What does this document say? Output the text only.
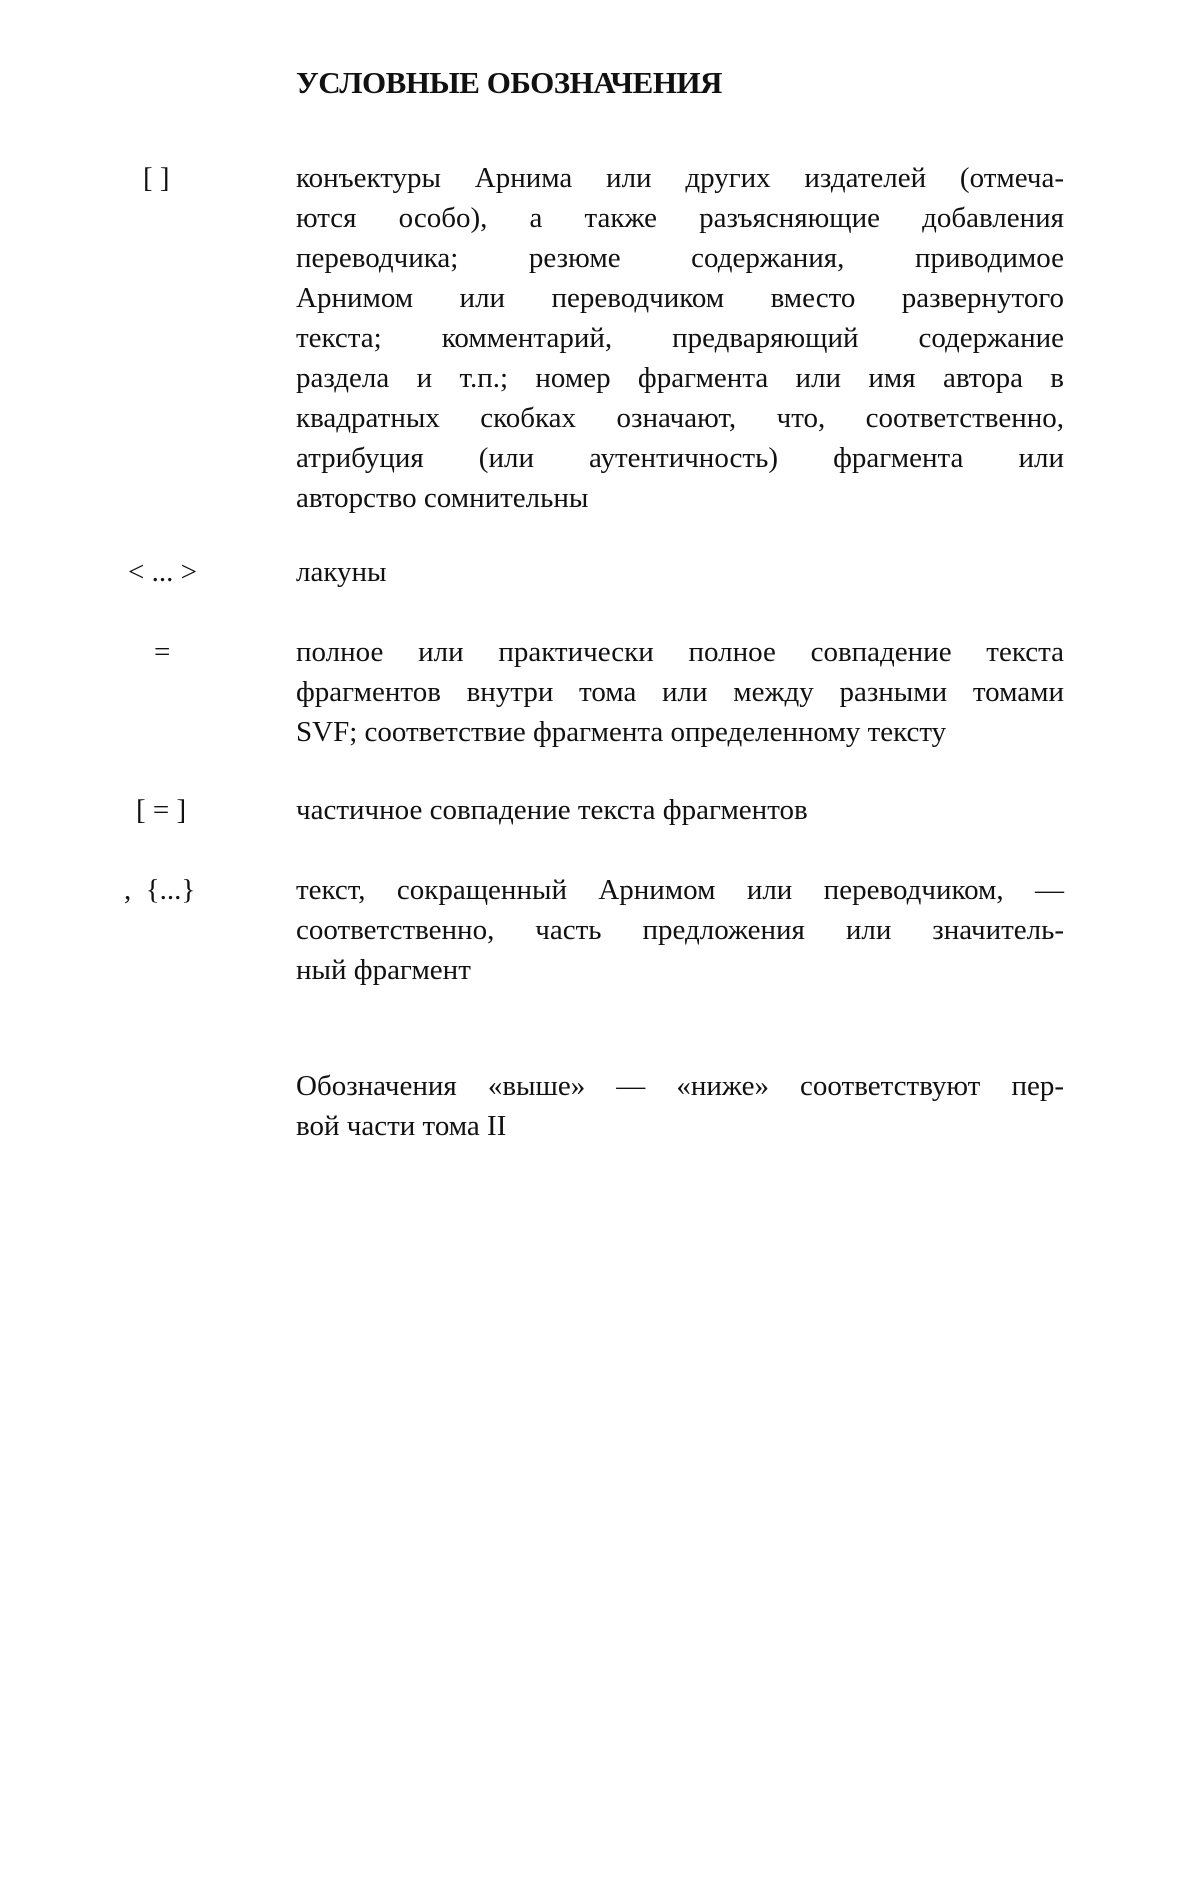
УСЛОВНЫЕ ОБОЗНАЧЕНИЯ
[ ]	конъектуры Арнима или других издателей (отмеча-
ются особо), а также разъясняющие добавления
переводчика; резюме содержания, приводимое
Арнимом или переводчиком вместо развернутого
текста; комментарий, предваряющий содержание
раздела и т.п.; номер фрагмента или имя автора в
квадратных скобках означают, что, соответственно,
атрибуция (или аутентичность) фрагмента или
авторство сомнительны
< ... >	лакуны
=	полное или практически полное совпадение текста
фрагментов внутри тома или между разными томами
SVF; соответствие фрагмента определенному тексту
[ = ]	частичное совпадение текста фрагментов
,  {...}	текст, сокращенный Арнимом или переводчиком, —
соответственно, часть предложения или значитель-
ный фрагмент
Обозначения «выше» — «ниже» соответствуют пер-
вой части тома II
